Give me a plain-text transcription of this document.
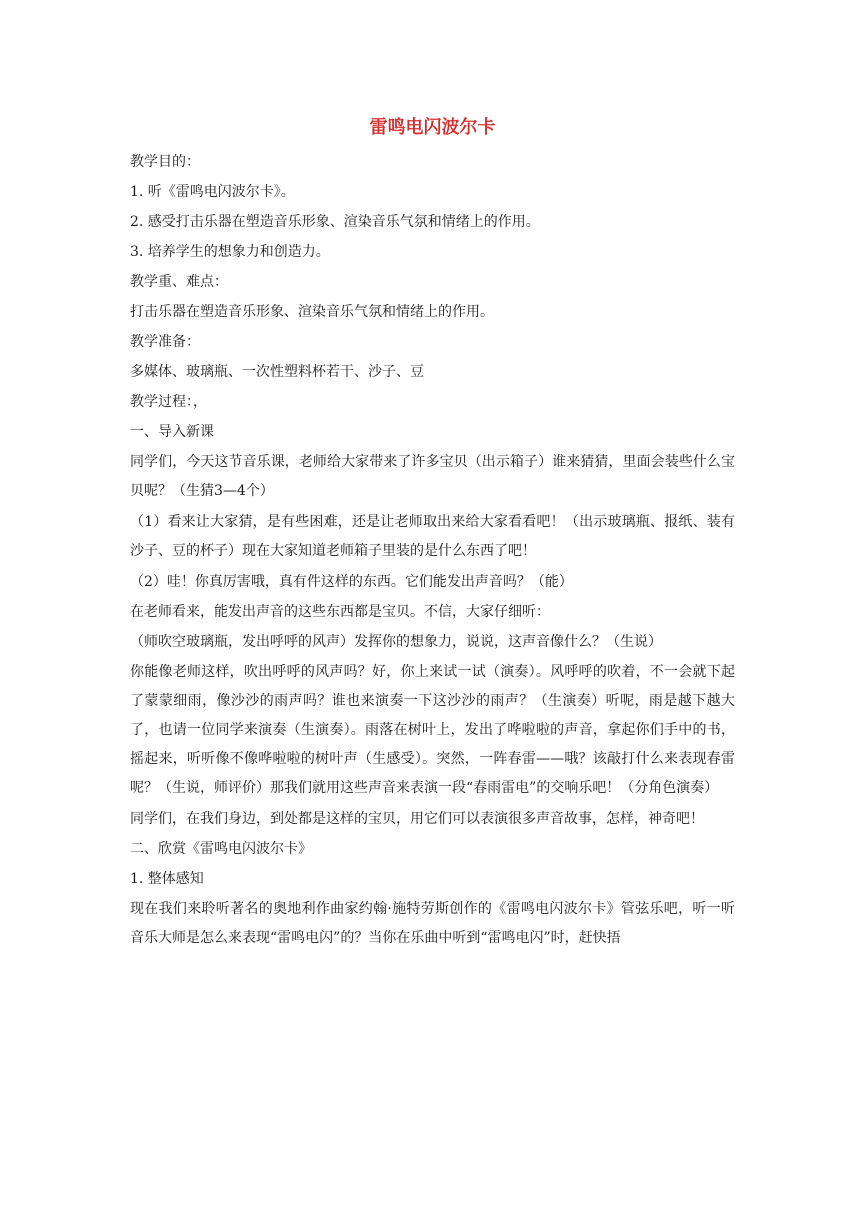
雷鸣电闪波尔卡

教学目的：

1. 听《雷鸣电闪波尔卡》。

2. 感受打击乐器在塑造音乐形象、渲染音乐气氛和情绪上的作用。

3. 培养学生的想象力和创造力。

教学重、难点：

打击乐器在塑造音乐形象、渲染音乐气氛和情绪上的作用。

教学准备：

多媒体、玻璃瓶、一次性塑料杯若干、沙子、豆

教学过程：，

一、导入新课

同学们，今天这节音乐课，老师给大家带来了许多宝贝（出示箱子）谁来猜猜，里面会装些什么宝贝呢？（生猜3—4个）

（1）看来让大家猜，是有些困难，还是让老师取出来给大家看看吧！（出示玻璃瓶、报纸、装有沙子、豆的杯子）现在大家知道老师箱子里装的是什么东西了吧！

（2）哇！你真厉害哦，真有件这样的东西。它们能发出声音吗？（能）

在老师看来，能发出声音的这些东西都是宝贝。不信，大家仔细听：

（师吹空玻璃瓶，发出呼呼的风声）发挥你的想象力，说说，这声音像什么？（生说）

你能像老师这样，吹出呼呼的风声吗？好，你上来试一试（演奏）。风呼呼的吹着，不一会就下起了蒙蒙细雨，像沙沙的雨声吗？谁也来演奏一下这沙沙的雨声？（生演奏）听呢，雨是越下越大了，也请一位同学来演奏（生演奏）。雨落在树叶上，发出了哗啦啦的声音，拿起你们手中的书，摇起来，听听像不像哗啦啦的树叶声（生感受）。突然，一阵春雷——哦？该敲打什么来表现春雷呢？（生说，师评价）那我们就用这些声音来表演一段“春雨雷电”的交响乐吧！（分角色演奏）

同学们，在我们身边，到处都是这样的宝贝，用它们可以表演很多声音故事，怎样，神奇吧！

二、欣赏《雷鸣电闪波尔卡》

1. 整体感知

现在我们来聆听著名的奥地利作曲家约翰·施特劳斯创作的《雷鸣电闪波尔卡》管弦乐吧，听一听音乐大师是怎么来表现“雷鸣电闪”的？当你在乐曲中听到“雷鸣电闪”时，赶快捂
